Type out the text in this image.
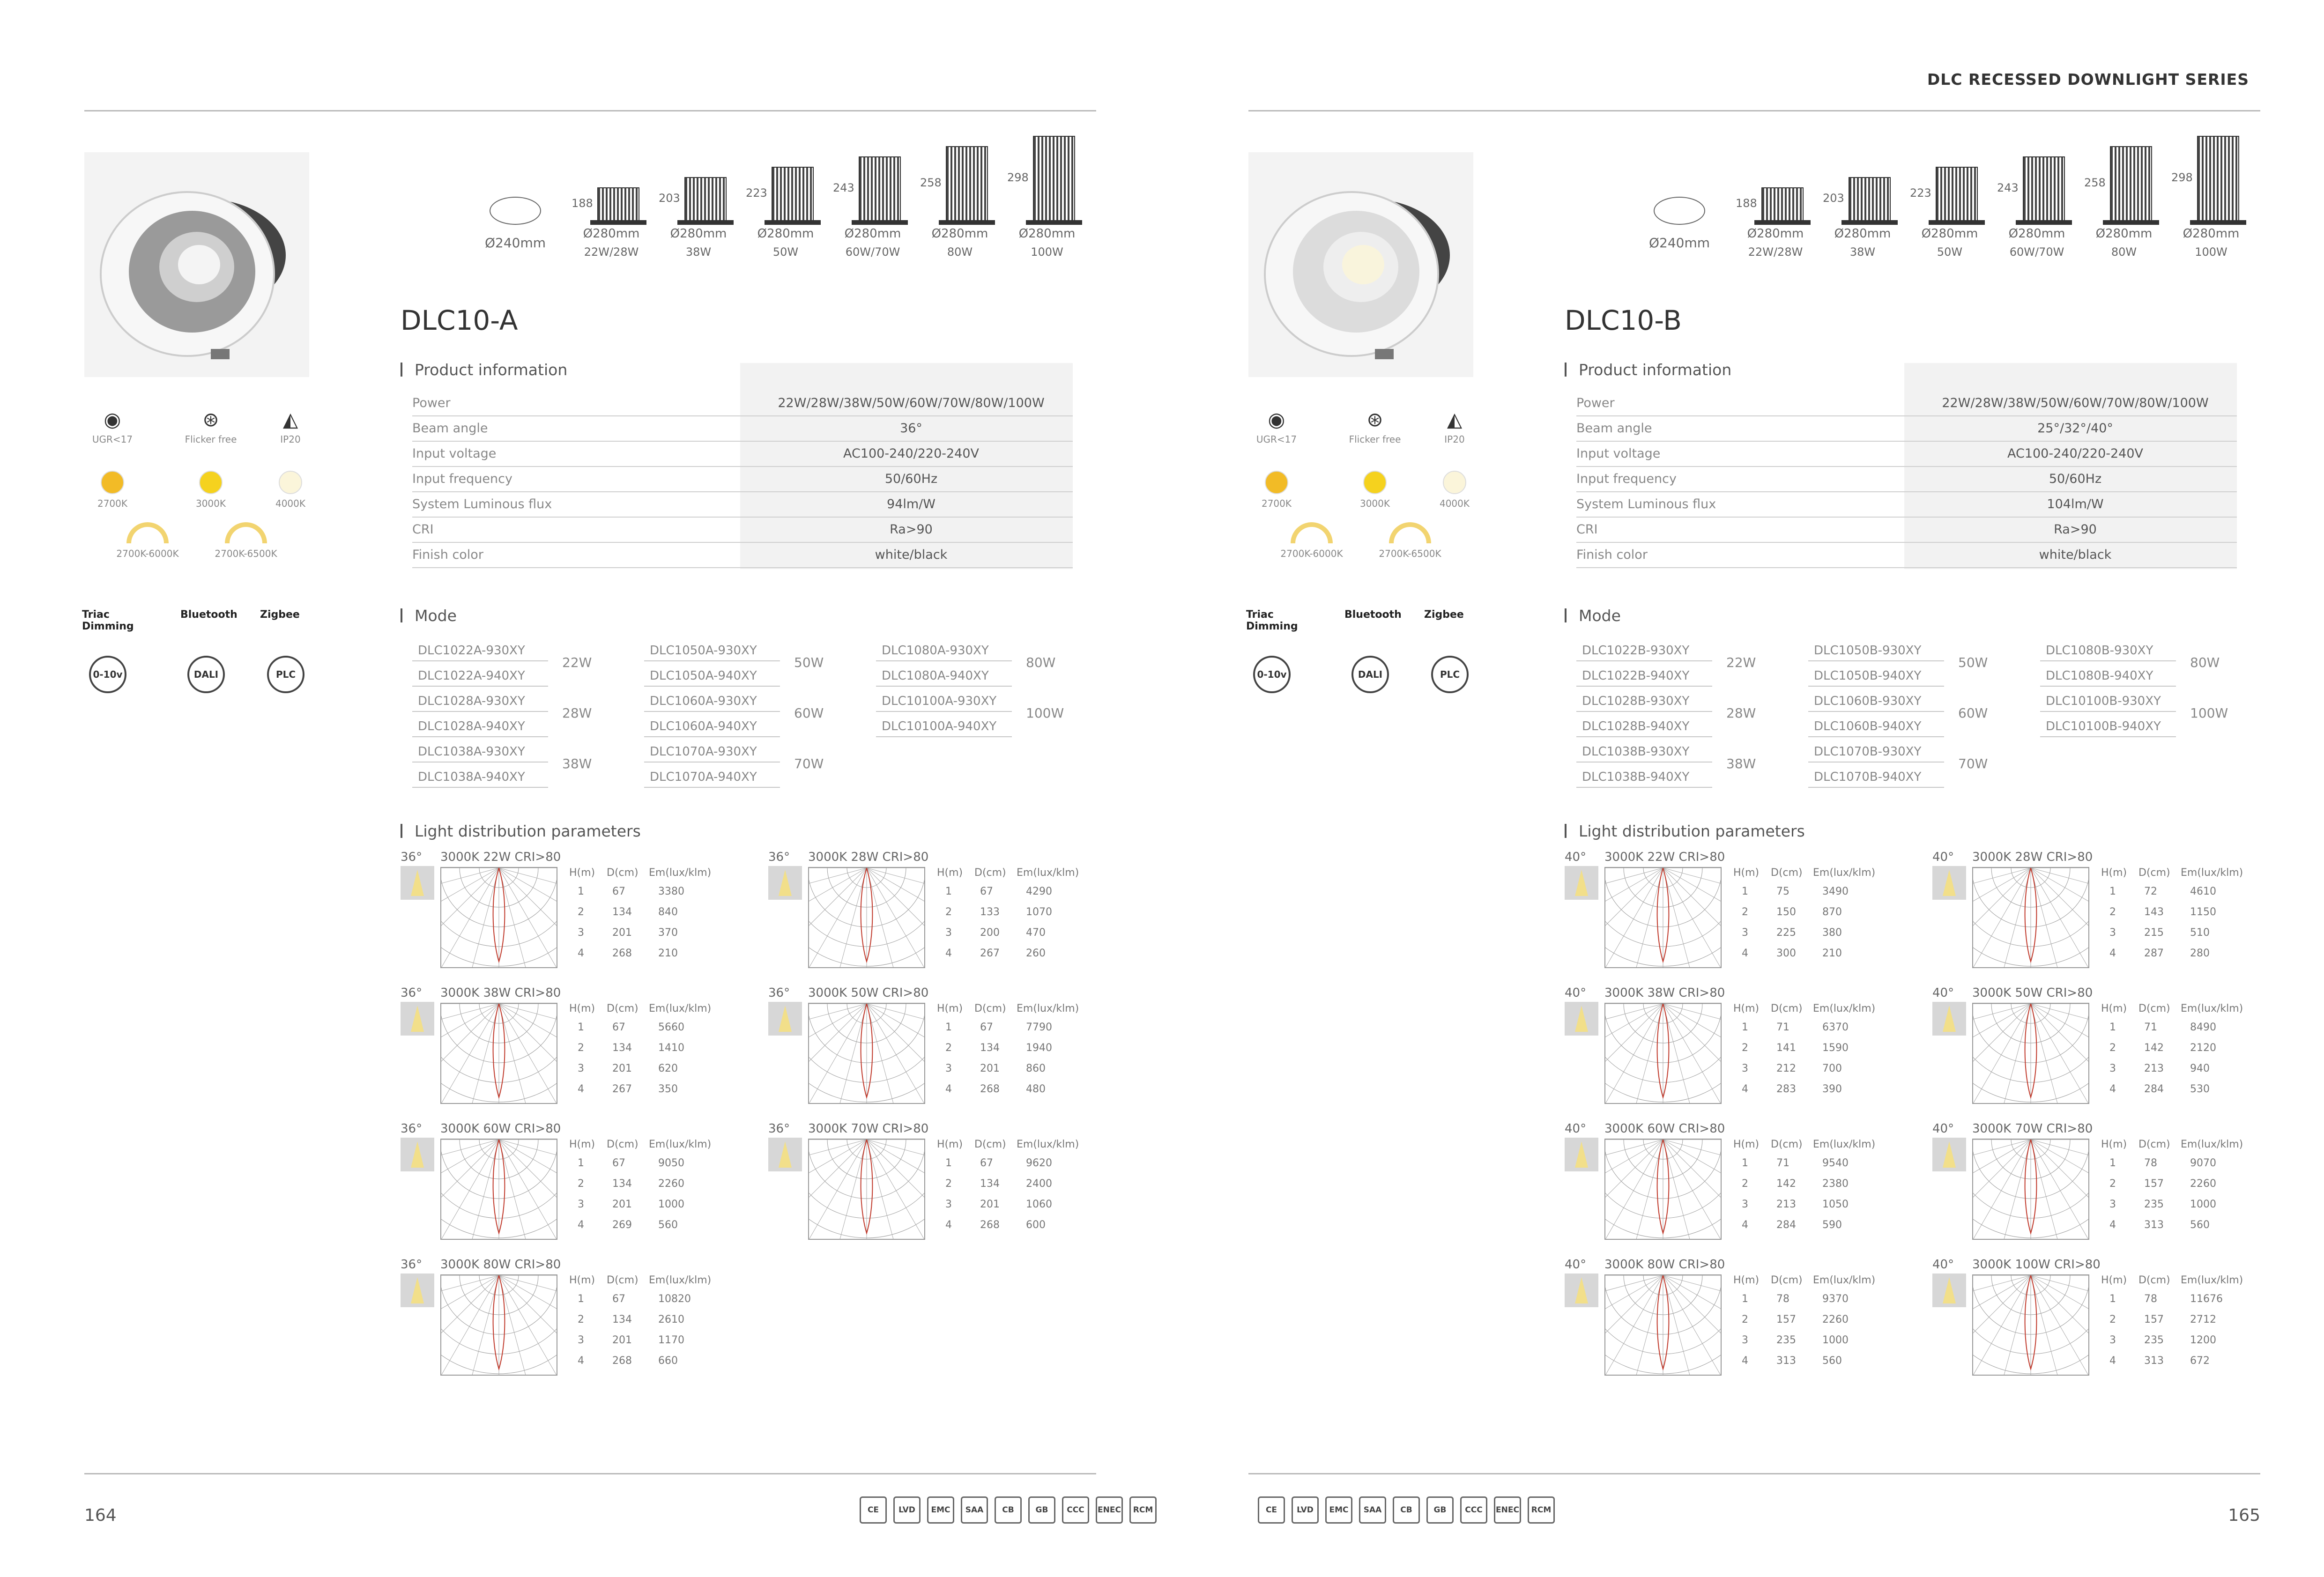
DLC RECESSED DOWNLIGHT SERIES
◉
UGR<17
⊛
Flicker free
◭
IP20
2700K	3000K	4000K
2700K-6000K	2700K-6500K
Triac Dimming
Bluetooth	Zigbee
0-10v	DALI	PLC
Ø240mm
188
Ø280mm
22W/28W
203
Ø280mm
38W
223
Ø280mm
50W
243
Ø280mm
60W/70W
258
Ø280mm
80W
298
Ø280mm
100W
DLC10-A
Product information
Power	22W/28W/38W/50W/60W/70W/80W/100W
Beam angle	36°
Input voltage	AC100-240/220-240V
Input frequency	50/60Hz
System Luminous flux	94lm/W
CRI	Ra>90
Finish color	white/black
Mode
DLC1022A-930XY
DLC1022A-940XY
22W
DLC1028A-930XY
DLC1028A-940XY
28W
DLC1038A-930XY
DLC1038A-940XY
38W
DLC1050A-930XY
DLC1050A-940XY
50W
DLC1060A-930XY
DLC1060A-940XY
60W
DLC1070A-930XY
DLC1070A-940XY
70W
DLC1080A-930XY
DLC1080A-940XY
80W
DLC10100A-930XY
DLC10100A-940XY
100W
Light distribution parameters
36° 3000K 22W CRI>80
H(m) D(cm) Em(lux/klm)
1	67	3380
2	134	840
3	201	370
4	268	210
36° 3000K 28W CRI>80
H(m) D(cm) Em(lux/klm)
1	67	4290
2	133	1070
3	200	470
4	267	260
36° 3000K 38W CRI>80
H(m) D(cm) Em(lux/klm)
1	67	5660
2	134	1410
3	201	620
4	267	350
36° 3000K 50W CRI>80
H(m) D(cm) Em(lux/klm)
1	67	7790
2	134	1940
3	201	860
4	268	480
36° 3000K 60W CRI>80
H(m) D(cm) Em(lux/klm)
1	67	9050
2	134	2260
3	201	1000
4	269	560
36° 3000K 70W CRI>80
H(m) D(cm) Em(lux/klm)
1	67	9620
2	134	2400
3	201	1060
4	268	600
36° 3000K 80W CRI>80
H(m) D(cm) Em(lux/klm)
1	67	10820
2	134	2610
3	201	1170
4	268	660
CE	LVD	EMC	SAA	CB	GB	CCC	ENEC	RCM
164
◉
UGR<17
⊛
Flicker free
◭
IP20
2700K	3000K	4000K
2700K-6000K	2700K-6500K
Triac Dimming
Bluetooth	Zigbee
0-10v	DALI	PLC
Ø240mm
188
Ø280mm
22W/28W
203
Ø280mm
38W
223
Ø280mm
50W
243
Ø280mm
60W/70W
258
Ø280mm
80W
298
Ø280mm
100W
DLC10-B
Product information
Power	22W/28W/38W/50W/60W/70W/80W/100W
Beam angle	25°/32°/40°
Input voltage	AC100-240/220-240V
Input frequency	50/60Hz
System Luminous flux	104lm/W
CRI	Ra>90
Finish color	white/black
Mode
DLC1022B-930XY
DLC1022B-940XY
22W
DLC1028B-930XY
DLC1028B-940XY
28W
DLC1038B-930XY
DLC1038B-940XY
38W
DLC1050B-930XY
DLC1050B-940XY
50W
DLC1060B-930XY
DLC1060B-940XY
60W
DLC1070B-930XY
DLC1070B-940XY
70W
DLC1080B-930XY
DLC1080B-940XY
80W
DLC10100B-930XY
DLC10100B-940XY
100W
Light distribution parameters
40° 3000K 22W CRI>80
H(m) D(cm) Em(lux/klm)
1	75	3490
2	150	870
3	225	380
4	300	210
40° 3000K 28W CRI>80
H(m) D(cm) Em(lux/klm)
1	72	4610
2	143	1150
3	215	510
4	287	280
40° 3000K 38W CRI>80
H(m) D(cm) Em(lux/klm)
1	71	6370
2	141	1590
3	212	700
4	283	390
40° 3000K 50W CRI>80
H(m) D(cm) Em(lux/klm)
1	71	8490
2	142	2120
3	213	940
4	284	530
40° 3000K 60W CRI>80
H(m) D(cm) Em(lux/klm)
1	71	9540
2	142	2380
3	213	1050
4	284	590
40° 3000K 70W CRI>80
H(m) D(cm) Em(lux/klm)
1	78	9070
2	157	2260
3	235	1000
4	313	560
40° 3000K 80W CRI>80
H(m) D(cm) Em(lux/klm)
1	78	9370
2	157	2260
3	235	1000
4	313	560
40° 3000K 100W CRI>80
H(m) D(cm) Em(lux/klm)
1	78	11676
2	157	2712
3	235	1200
4	313	672
CE	LVD	EMC	SAA	CB	GB	CCC	ENEC	RCM	165
